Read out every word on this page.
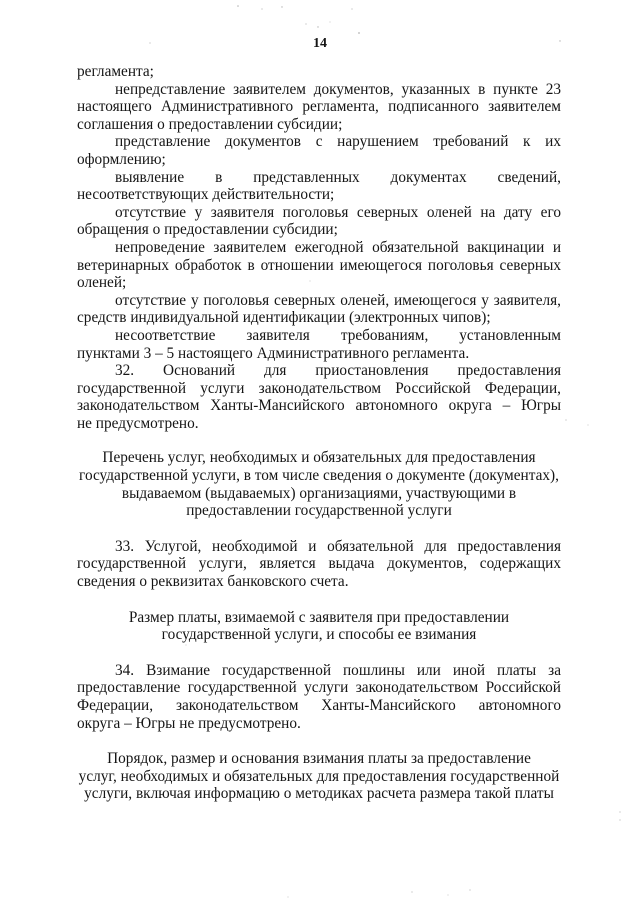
14
регламента;
непредставление заявителем документов, указанных в пункте 23
настоящего Административного регламента, подписанного заявителем
соглашения о предоставлении субсидии;
представление документов с нарушением требований к их
оформлению;
выявление в представленных документах сведений,
несоответствующих действительности;
отсутствие у заявителя поголовья северных оленей на дату его
обращения о предоставлении субсидии;
непроведение заявителем ежегодной обязательной вакцинации и
ветеринарных обработок в отношении имеющегося поголовья северных
оленей;
отсутствие у поголовья северных оленей, имеющегося у заявителя,
средств индивидуальной идентификации (электронных чипов);
несоответствие заявителя требованиям, установленным
пунктами 3 – 5 настоящего Административного регламента.
32. Оснований для приостановления предоставления
государственной услуги законодательством Российской Федерации,
законодательством Ханты-Мансийского автономного округа – Югры
не предусмотрено.
Перечень услуг, необходимых и обязательных для предоставления
государственной услуги, в том числе сведения о документе (документах),
выдаваемом (выдаваемых) организациями, участвующими в
предоставлении государственной услуги
33. Услугой, необходимой и обязательной для предоставления
государственной услуги, является выдача документов, содержащих
сведения о реквизитах банковского счета.
Размер платы, взимаемой с заявителя при предоставлении
государственной услуги, и способы ее взимания
34. Взимание государственной пошлины или иной платы за
предоставление государственной услуги законодательством Российской
Федерации, законодательством Ханты-Мансийского автономного
округа – Югры не предусмотрено.
Порядок, размер и основания взимания платы за предоставление
услуг, необходимых и обязательных для предоставления государственной
услуги, включая информацию о методиках расчета размера такой платы
